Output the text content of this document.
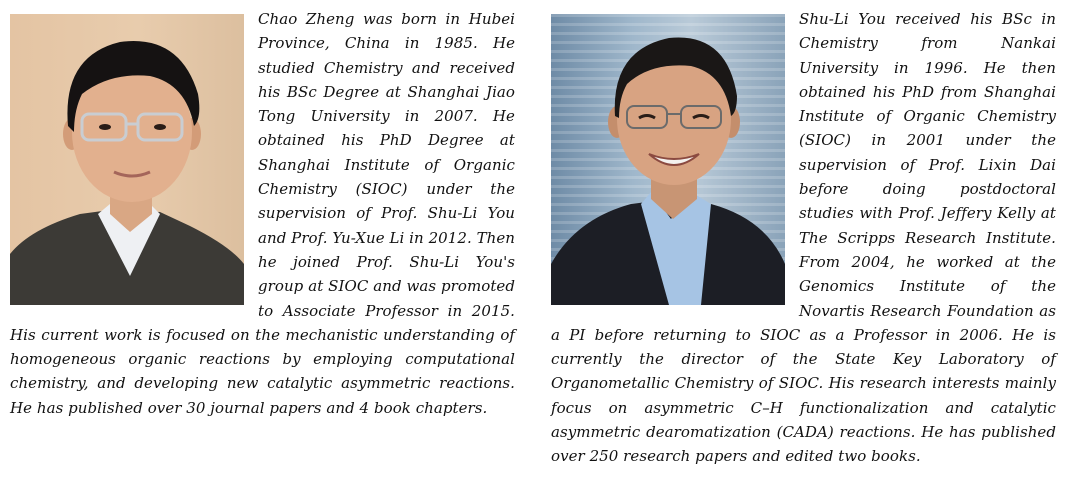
Chao Zheng was born in Hubei Province, China in 1985. He studied Chemistry and received his BSc Degree at Shanghai Jiao Tong University in 2007. He obtained his PhD Degree at Shanghai Institute of Organic Chemistry (SIOC) under the supervision of Prof. Shu-Li You and Prof. Yu-Xue Li in 2012. Then he joined Prof. Shu-Li You's group at SIOC and was promoted to Associate Professor in 2015. His current work is focused on the mechanistic understanding of homogeneous organic reactions by employing computational chemistry, and developing new catalytic asymmetric reactions. He has published over 30 journal papers and 4 book chapters.

Shu-Li You received his BSc in Chemistry from Nankai University in 1996. He then obtained his PhD from Shanghai Institute of Organic Chemistry (SIOC) in 2001 under the supervision of Prof. Lixin Dai before doing postdoctoral studies with Prof. Jeffery Kelly at The Scripps Research Institute. From 2004, he worked at the Genomics Institute of the Novartis Research Foundation as a PI before returning to SIOC as a Professor in 2006. He is currently the director of the State Key Laboratory of Organometallic Chemistry of SIOC. His research interests mainly focus on asymmetric C–H functionalization and catalytic asymmetric dearomatization (CADA) reactions. He has published over 250 research papers and edited two books.
